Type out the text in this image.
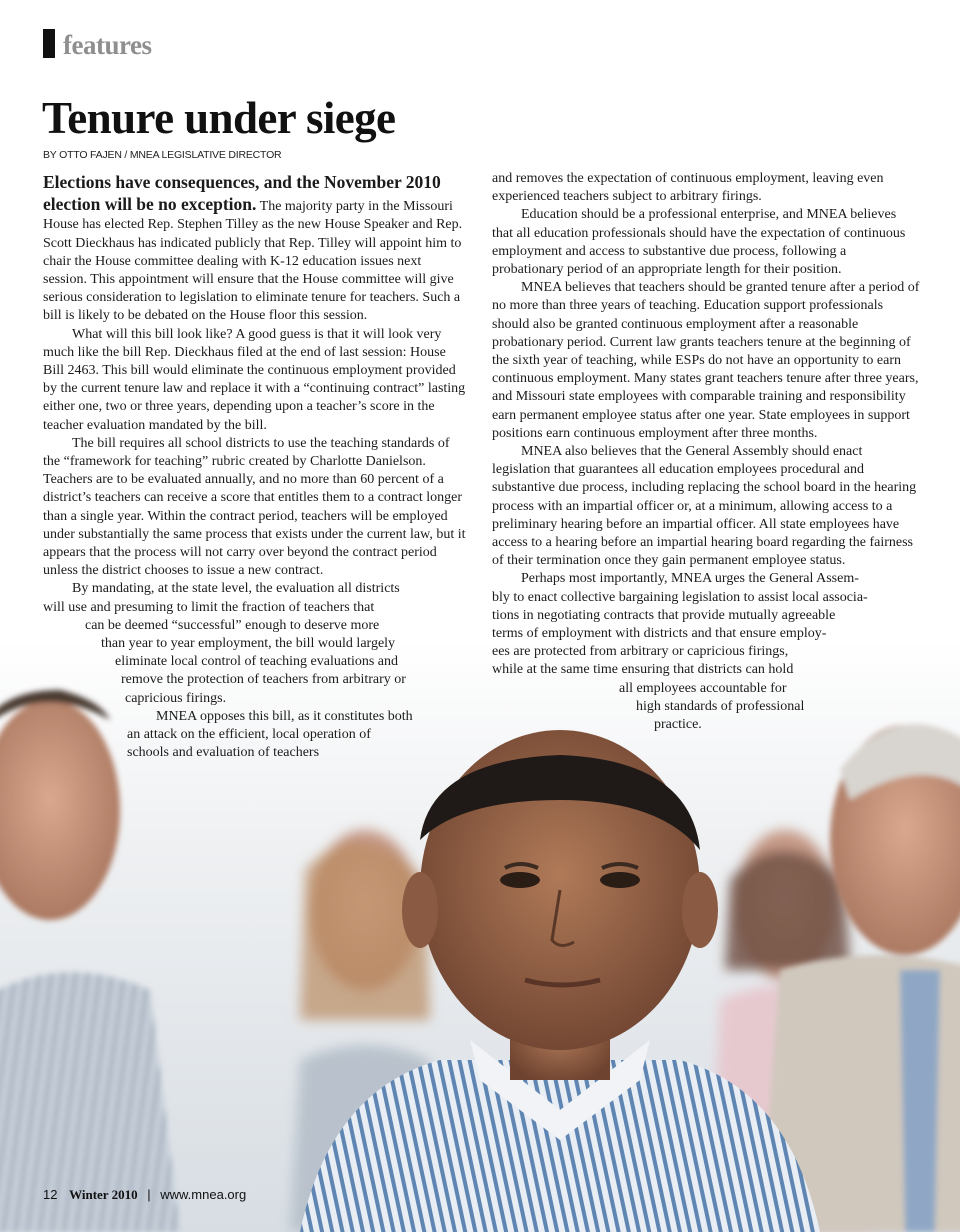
features
Tenure under siege
BY OTTO FAJEN / MNEA LEGISLATIVE DIRECTOR

Elections have consequences, and the November 2010 election will be no exception. The majority party in the Missouri House has elected Rep. Stephen Tilley as the new House Speaker and Rep. Scott Dieckhaus has indicated publicly that Rep. Tilley will appoint him to chair the House committee dealing with K-12 education issues next session. This appointment will ensure that the House committee will give serious consideration to legislation to eliminate tenure for teachers. Such a bill is likely to be debated on the House floor this session.

What will this bill look like? A good guess is that it will look very much like the bill Rep. Dieckhaus filed at the end of last session: House Bill 2463. This bill would eliminate the continuous employment provided by the current tenure law and replace it with a “continuing contract” lasting either one, two or three years, depending upon a teacher’s score in the teacher evaluation mandated by the bill.

The bill requires all school districts to use the teaching standards of the “framework for teaching” rubric created by Charlotte Danielson. Teachers are to be evaluated annually, and no more than 60 percent of a district’s teachers can receive a score that entitles them to a contract longer than a single year. Within the contract period, teachers will be employed under substantially the same process that exists under the current law, but it appears that the process will not carry over beyond the contract period unless the district chooses to issue a new contract.

By mandating, at the state level, the evaluation all districts
will use and presuming to limit the fraction of teachers that
can be deemed “successful” enough to deserve more
than year to year employment, the bill would largely
eliminate local control of teaching evaluations and
remove the protection of teachers from arbitrary or
capricious firings.
MNEA opposes this bill, as it constitutes both
an attack on the efficient, local operation of
schools and evaluation of teachers

and removes the expectation of continuous employment, leaving even experienced teachers subject to arbitrary firings.

Education should be a professional enterprise, and MNEA believes that all education professionals should have the expectation of continuous employment and access to substantive due process, following a probationary period of an appropriate length for their position.

MNEA believes that teachers should be granted tenure after a period of no more than three years of teaching. Education support professionals should also be granted continuous employment after a reasonable probationary period. Current law grants teachers tenure at the beginning of the sixth year of teaching, while ESPs do not have an opportunity to earn continuous employment. Many states grant teachers tenure after three years, and Missouri state employees with comparable training and responsibility earn permanent employee status after one year. State employees in support positions earn continuous employment after three months.

MNEA also believes that the General Assembly should enact legislation that guarantees all education employees procedural and substantive due process, including replacing the school board in the hearing process with an impartial officer or, at a minimum, allowing access to a preliminary hearing before an impartial officer. All state employees have access to a hearing before an impartial hearing board regarding the fairness of their termination once they gain permanent employee status.

Perhaps most importantly, MNEA urges the General Assem-
bly to enact collective bargaining legislation to assist local associa-
tions in negotiating contracts that provide mutually agreeable
terms of employment with districts and that ensure employ-
ees are protected from arbitrary or capricious firings,
while at the same time ensuring that districts can hold
all employees accountable for
high standards of professional
practice.
12 Winter 2010 | www.mnea.org
